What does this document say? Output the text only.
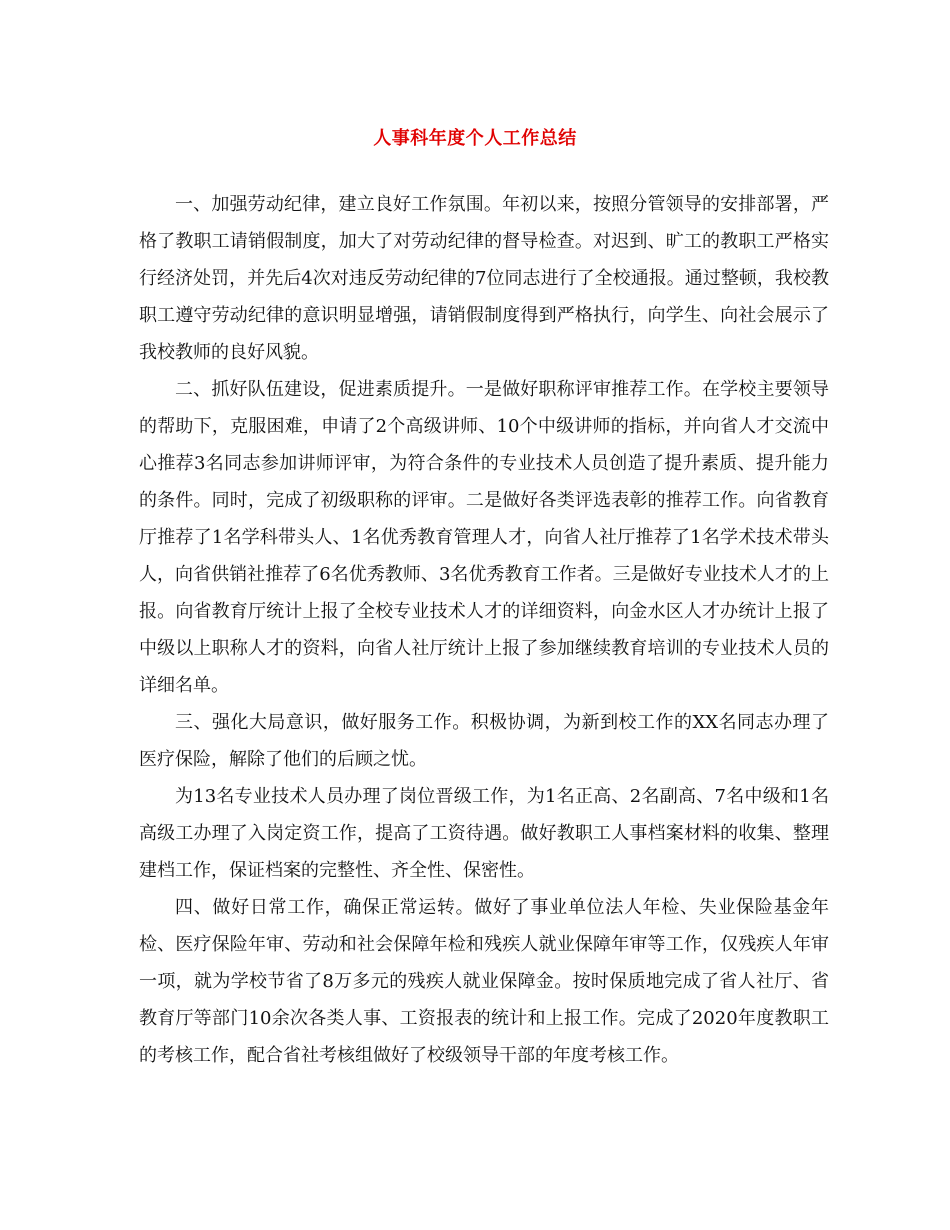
人事科年度个人工作总结

一、加强劳动纪律，建立良好工作氛围。年初以来，按照分管领导的安排部署，严格了教职工请销假制度，加大了对劳动纪律的督导检查。对迟到、旷工的教职工严格实行经济处罚，并先后4次对违反劳动纪律的7位同志进行了全校通报。通过整顿，我校教职工遵守劳动纪律的意识明显增强，请销假制度得到严格执行，向学生、向社会展示了我校教师的良好风貌。

二、抓好队伍建设，促进素质提升。一是做好职称评审推荐工作。在学校主要领导的帮助下，克服困难，申请了2个高级讲师、10个中级讲师的指标，并向省人才交流中心推荐3名同志参加讲师评审，为符合条件的专业技术人员创造了提升素质、提升能力的条件。同时，完成了初级职称的评审。二是做好各类评选表彰的推荐工作。向省教育厅推荐了1名学科带头人、1名优秀教育管理人才，向省人社厅推荐了1名学术技术带头人，向省供销社推荐了6名优秀教师、3名优秀教育工作者。三是做好专业技术人才的上报。向省教育厅统计上报了全校专业技术人才的详细资料，向金水区人才办统计上报了中级以上职称人才的资料，向省人社厅统计上报了参加继续教育培训的专业技术人员的详细名单。

三、强化大局意识，做好服务工作。积极协调，为新到校工作的XX名同志办理了医疗保险，解除了他们的后顾之忧。

为13名专业技术人员办理了岗位晋级工作，为1名正高、2名副高、7名中级和1名高级工办理了入岗定资工作，提高了工资待遇。做好教职工人事档案材料的收集、整理建档工作，保证档案的完整性、齐全性、保密性。

四、做好日常工作，确保正常运转。做好了事业单位法人年检、失业保险基金年检、医疗保险年审、劳动和社会保障年检和残疾人就业保障年审等工作，仅残疾人年审一项，就为学校节省了8万多元的残疾人就业保障金。按时保质地完成了省人社厅、省教育厅等部门10余次各类人事、工资报表的统计和上报工作。完成了2020年度教职工的考核工作，配合省社考核组做好了校级领导干部的年度考核工作。
